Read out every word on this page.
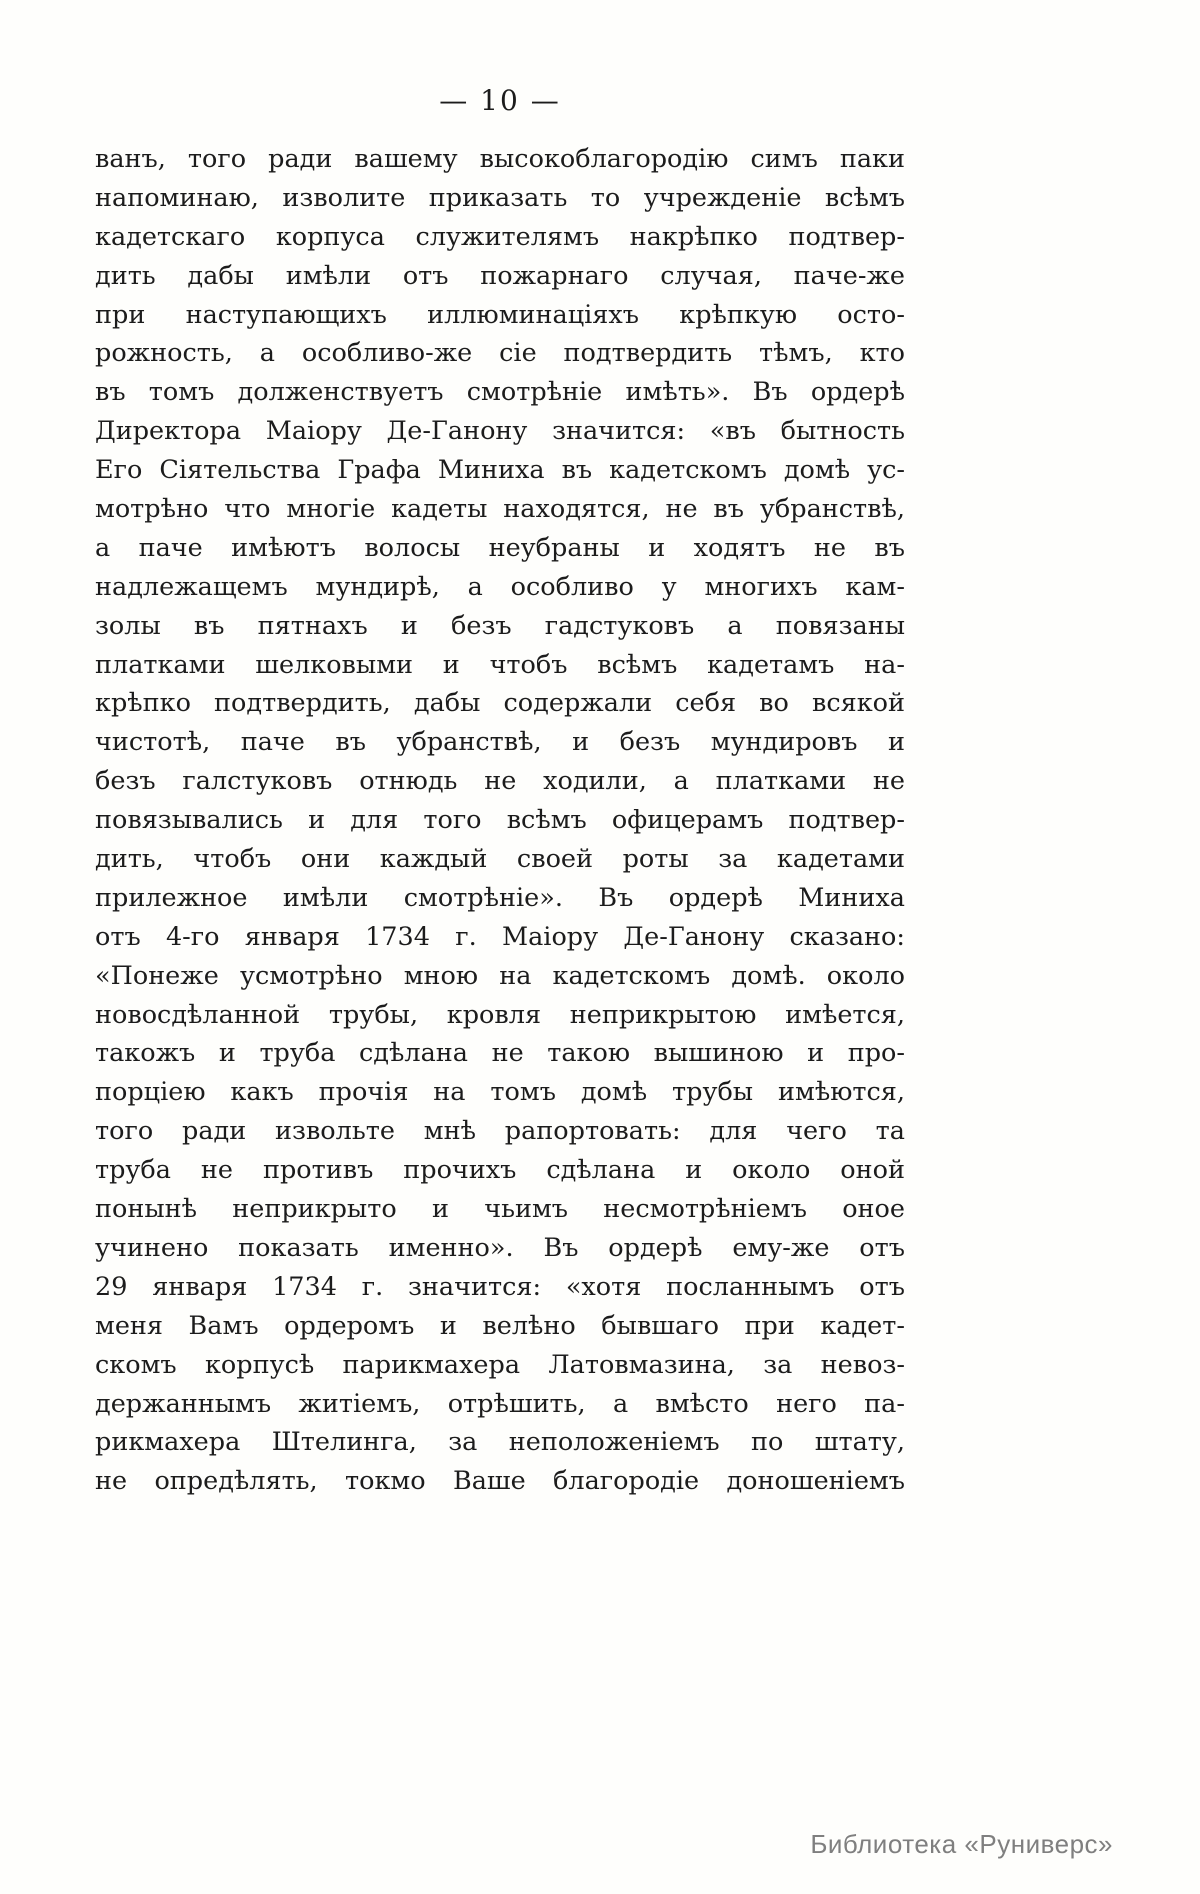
— 10 —
ванъ, того ради вашему высокоблагородію симъ паки
напоминаю, изволите приказать то учрежденіе всѣмъ
кадетскаго корпуса служителямъ накрѣпко подтвер-
дить дабы имѣли отъ пожарнаго случая, паче-же
при наступающихъ иллюминаціяхъ крѣпкую осто-
рожность, а особливо-же сіе подтвердить тѣмъ, кто
въ томъ долженствуетъ смотрѣніе имѣть». Въ ордерѣ
Директора Маіору Де-Ганону значится: «въ бытность
Его Сіятельства Графа Миниха въ кадетскомъ домѣ ус-
мотрѣно что многіе кадеты находятся, не въ убранствѣ,
а паче имѣютъ волосы неубраны и ходятъ не въ
надлежащемъ мундирѣ, а особливо у многихъ кам-
золы въ пятнахъ и безъ гадстуковъ а повязаны
платками шелковыми и чтобъ всѣмъ кадетамъ на-
крѣпко подтвердить, дабы содержали себя во всякой
чистотѣ, паче въ убранствѣ, и безъ мундировъ и
безъ галстуковъ отнюдь не ходили, а платками не
повязывались и для того всѣмъ офицерамъ подтвер-
дить, чтобъ они каждый своей роты за кадетами
прилежное имѣли смотрѣніе». Въ ордерѣ Миниха
отъ 4-го января 1734 г. Маіору Де-Ганону сказано:
«Понеже усмотрѣно мною на кадетскомъ домѣ. около
новосдѣланной трубы, кровля неприкрытою имѣется,
такожъ и труба сдѣлана не такою вышиною и про-
порціею какъ прочія на томъ домѣ трубы имѣются,
того ради извольте мнѣ рапортовать: для чего та
труба не противъ прочихъ сдѣлана и около оной
понынѣ неприкрыто и чьимъ несмотрѣніемъ оное
учинено показать именно». Въ ордерѣ ему-же отъ
29 января 1734 г. значится: «хотя посланнымъ отъ
меня Вамъ ордеромъ и велѣно бывшаго при кадет-
скомъ корпусѣ парикмахера Латовмазина, за невоз-
держаннымъ житіемъ, отрѣшить, а вмѣсто него па-
рикмахера Штелинга, за неположеніемъ по штату,
не опредѣлять, токмо Ваше благородіе доношеніемъ
Библиотека «Руниверс»
